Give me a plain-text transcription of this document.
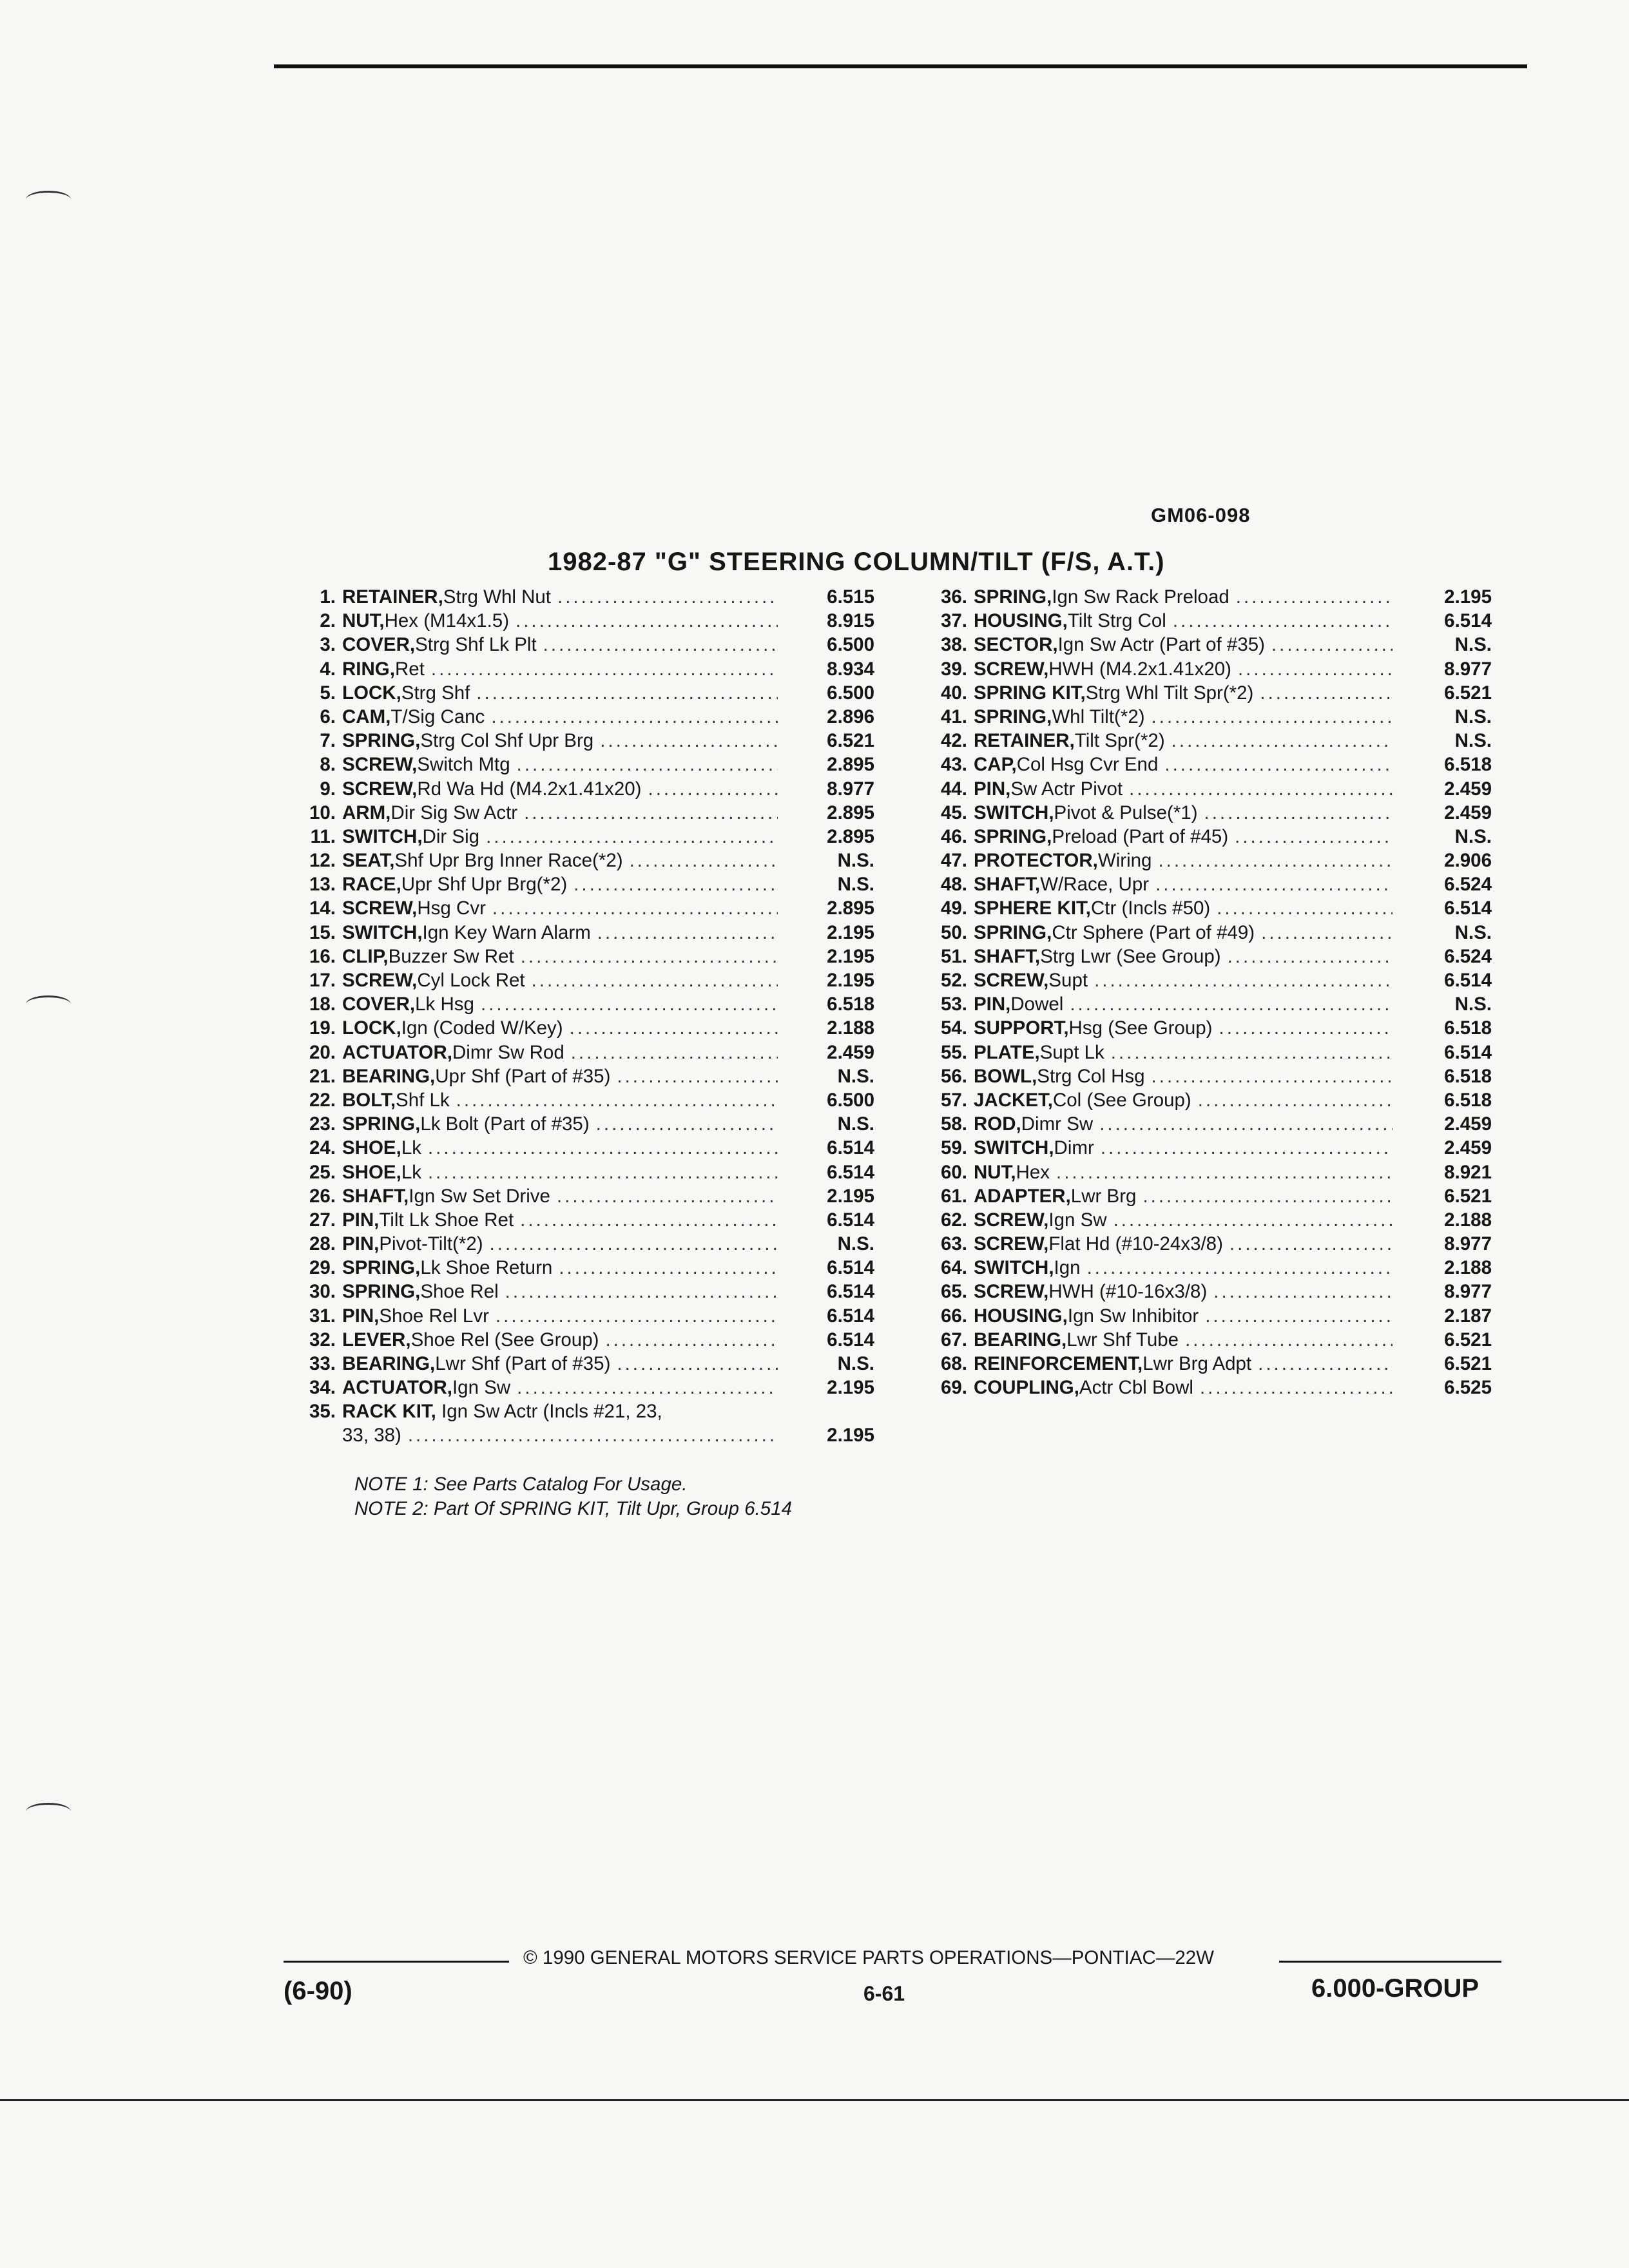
GM06-098
1982-87 "G" STEERING COLUMN/TILT (F/S, A.T.)
1. RETAINER, Strg Whl Nut .....	6.515
2. NUT, Hex (M14x1.5) .....	8.915
3. COVER, Strg Shf Lk Plt .....	6.500
4. RING, Ret .....	8.934
5. LOCK, Strg Shf .....	6.500
6. CAM, T/Sig Canc .....	2.896
7. SPRING, Strg Col Shf Upr Brg .....	6.521
8. SCREW, Switch Mtg .....	2.895
9. SCREW, Rd Wa Hd (M4.2x1.41x20) .....	8.977
10. ARM, Dir Sig Sw Actr .....	2.895
11. SWITCH, Dir Sig .....	2.895
12. SEAT, Shf Upr Brg Inner Race(*2) .....	N.S.
13. RACE, Upr Shf Upr Brg(*2) .....	N.S.
14. SCREW, Hsg Cvr .....	2.895
15. SWITCH, Ign Key Warn Alarm .....	2.195
16. CLIP, Buzzer Sw Ret .....	2.195
17. SCREW, Cyl Lock Ret .....	2.195
18. COVER, Lk Hsg .....	6.518
19. LOCK, Ign (Coded W/Key) .....	2.188
20. ACTUATOR, Dimr Sw Rod .....	2.459
21. BEARING, Upr Shf (Part of #35) .....	N.S.
22. BOLT, Shf Lk .....	6.500
23. SPRING, Lk Bolt (Part of #35) .....	N.S.
24. SHOE, Lk .....	6.514
25. SHOE, Lk .....	6.514
26. SHAFT, Ign Sw Set Drive .....	2.195
27. PIN, Tilt Lk Shoe Ret .....	6.514
28. PIN, Pivot-Tilt(*2) .....	N.S.
29. SPRING, Lk Shoe Return .....	6.514
30. SPRING, Shoe Rel .....	6.514
31. PIN, Shoe Rel Lvr .....	6.514
32. LEVER, Shoe Rel (See Group) .....	6.514
33. BEARING, Lwr Shf (Part of #35) .....	N.S.
34. ACTUATOR, Ign Sw .....	2.195
35. RACK KIT, Ign Sw Actr (Incls #21, 23,
33, 38) .....	2.195
36. SPRING, Ign Sw Rack Preload .....	2.195
37. HOUSING, Tilt Strg Col .....	6.514
38. SECTOR, Ign Sw Actr (Part of #35) .....	N.S.
39. SCREW, HWH (M4.2x1.41x20) .....	8.977
40. SPRING KIT, Strg Whl Tilt Spr(*2) .....	6.521
41. SPRING, Whl Tilt(*2) .....	N.S.
42. RETAINER, Tilt Spr(*2) .....	N.S.
43. CAP, Col Hsg Cvr End .....	6.518
44. PIN, Sw Actr Pivot .....	2.459
45. SWITCH, Pivot & Pulse(*1) .....	2.459
46. SPRING, Preload (Part of #45) .....	N.S.
47. PROTECTOR, Wiring .....	2.906
48. SHAFT, W/Race, Upr .....	6.524
49. SPHERE KIT, Ctr (Incls #50) .....	6.514
50. SPRING, Ctr Sphere (Part of #49) .....	N.S.
51. SHAFT, Strg Lwr (See Group) .....	6.524
52. SCREW, Supt .....	6.514
53. PIN, Dowel .....	N.S.
54. SUPPORT, Hsg (See Group) .....	6.518
55. PLATE, Supt Lk .....	6.514
56. BOWL, Strg Col Hsg .....	6.518
57. JACKET, Col (See Group) .....	6.518
58. ROD, Dimr Sw .....	2.459
59. SWITCH, Dimr .....	2.459
60. NUT, Hex .....	8.921
61. ADAPTER, Lwr Brg .....	6.521
62. SCREW, Ign Sw .....	2.188
63. SCREW, Flat Hd (#10-24x3/8) .....	8.977
64. SWITCH, Ign .....	2.188
65. SCREW, HWH (#10-16x3/8) .....	8.977
66. HOUSING, Ign Sw Inhibitor .....	2.187
67. BEARING, Lwr Shf Tube .....	6.521
68. REINFORCEMENT, Lwr Brg Adpt .....	6.521
69. COUPLING, Actr Cbl Bowl .....	6.525
NOTE 1: See Parts Catalog For Usage.
NOTE 2: Part Of SPRING KIT, Tilt Upr, Group 6.514
© 1990 GENERAL MOTORS SERVICE PARTS OPERATIONS—PONTIAC—22W
(6-90)	6-61	6.000-GROUP
